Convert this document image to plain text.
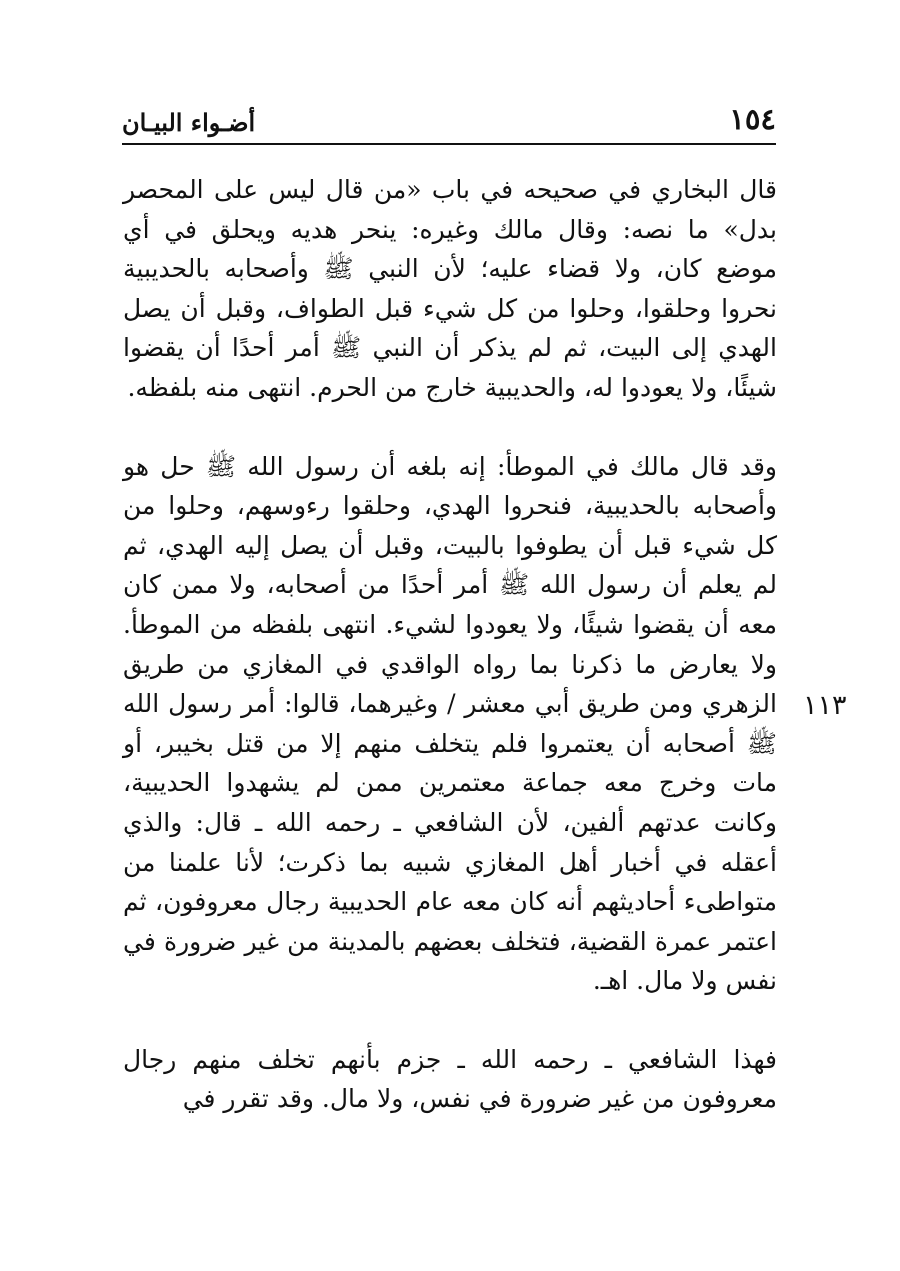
١٥٤
أضـواء البيـان

قال البخاري في صحيحه في باب «من قال ليس على المحصر بدل» ما نصه: وقال مالك وغيره: ينحر هديه ويحلق في أي موضع كان، ولا قضاء عليه؛ لأن النبي ﷺ وأصحابه بالحديبية نحروا وحلقوا، وحلوا من كل شيء قبل الطواف، وقبل أن يصل الهدي إلى البيت، ثم لم يذكر أن النبي ﷺ أمر أحدًا أن يقضوا شيئًا، ولا يعودوا له، والحديبية خارج من الحرم. انتهى منه بلفظه.

وقد قال مالك في الموطأ: إنه بلغه أن رسول الله ﷺ حل هو وأصحابه بالحديبية، فنحروا الهدي، وحلقوا رءوسهم، وحلوا من كل شيء قبل أن يطوفوا بالبيت، وقبل أن يصل إليه الهدي، ثم لم يعلم أن رسول الله ﷺ أمر أحدًا من أصحابه، ولا ممن كان معه أن يقضوا شيئًا، ولا يعودوا لشيء. انتهى بلفظه من الموطأ. ولا يعارض ما ذكرنا بما رواه الواقدي في المغازي من طريق الزهري ومن طريق أبي معشر / وغيرهما، قالوا: أمر رسول الله ﷺ أصحابه أن يعتمروا فلم يتخلف منهم إلا من قتل بخيبر، أو مات وخرج معه جماعة معتمرين ممن لم يشهدوا الحديبية، وكانت عدتهم ألفين، لأن الشافعي ـ رحمه الله ـ قال: والذي أعقله في أخبار أهل المغازي شبيه بما ذكرت؛ لأنا علمنا من متواطىء أحاديثهم أنه كان معه عام الحديبية رجال معروفون، ثم اعتمر عمرة القضية، فتخلف بعضهم بالمدينة من غير ضرورة في نفس ولا مال. اهـ.

فهذا الشافعي ـ رحمه الله ـ جزم بأنهم تخلف منهم رجال معروفون من غير ضرورة في نفس، ولا مال. وقد تقرر في

١١٣
